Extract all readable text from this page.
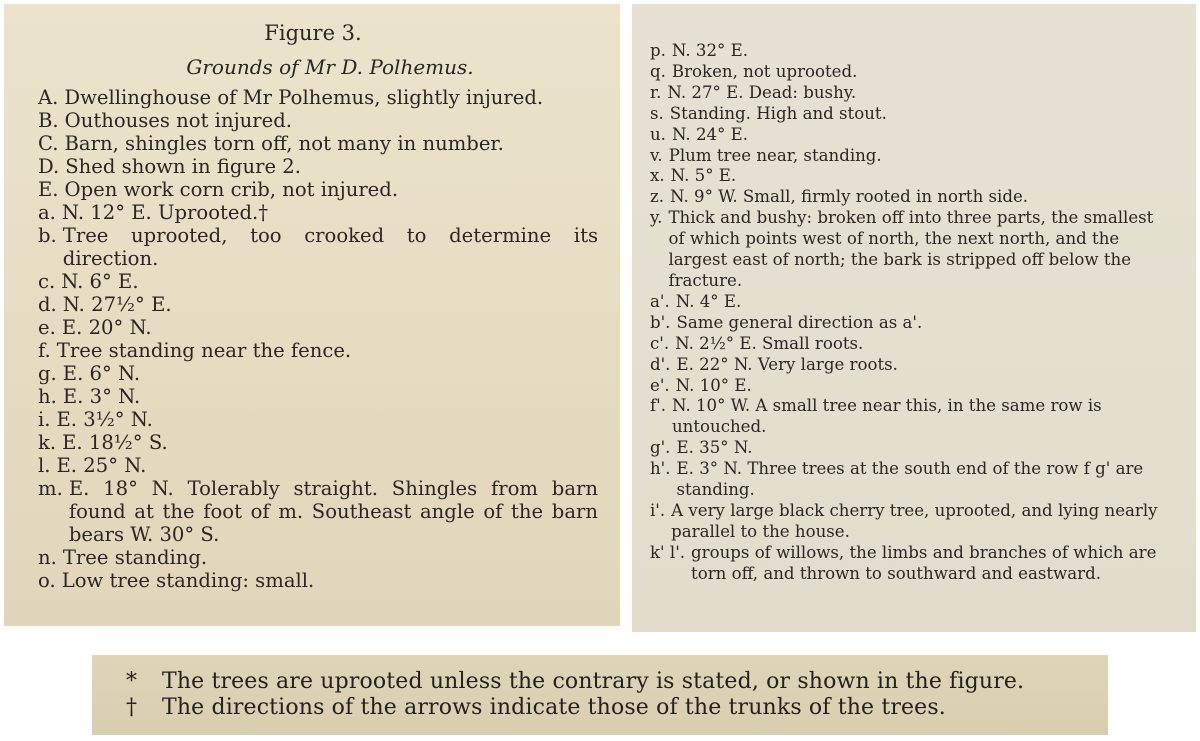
Figure 3.
Grounds of Mr D. Polhemus.
A. Dwellinghouse of Mr Polhemus, slightly injured.
B. Outhouses not injured.
C. Barn, shingles torn off, not many in number.
D. Shed shown in figure 2.
E. Open work corn crib, not injured.
a. N. 12° E. Uprooted.†
b. Tree uprooted, too crooked to determine its direction.
c. N. 6° E.
d. N. 27½° E.
e. E. 20° N.
f. Tree standing near the fence.
g. E. 6° N.
h. E. 3° N.
i. E. 3½° N.
k. E. 18½° S.
l. E. 25° N.
m. E. 18° N. Tolerably straight. Shingles from barn found at the foot of m. Southeast angle of the barn bears W. 30° S.
n. Tree standing.
o. Low tree standing: small.
p. N. 32° E.
q. Broken, not uprooted.
r. N. 27° E. Dead: bushy.
s. Standing. High and stout.
u. N. 24° E.
v. Plum tree near, standing.
x. N. 5° E.
z. N. 9° W. Small, firmly rooted in north side.
y. Thick and bushy: broken off into three parts, the smallest of which points west of north, the next north, and the largest east of north; the bark is stripped off below the fracture.
a'. N. 4° E.
b'. Same general direction as a'.
c'. N. 2½° E. Small roots.
d'. E. 22° N. Very large roots.
e'. N. 10° E.
f'. N. 10° W. A small tree near this, in the same row is untouched.
g'. E. 35° N.
h'. E. 3° N. Three trees at the south end of the row f g' are standing.
i'. A very large black cherry tree, uprooted, and lying nearly parallel to the house.
k' l'. groups of willows, the limbs and branches of which are torn off, and thrown to southward and eastward.
*	The trees are uprooted unless the contrary is stated, or shown in the figure.
†	The directions of the arrows indicate those of the trunks of the trees.
